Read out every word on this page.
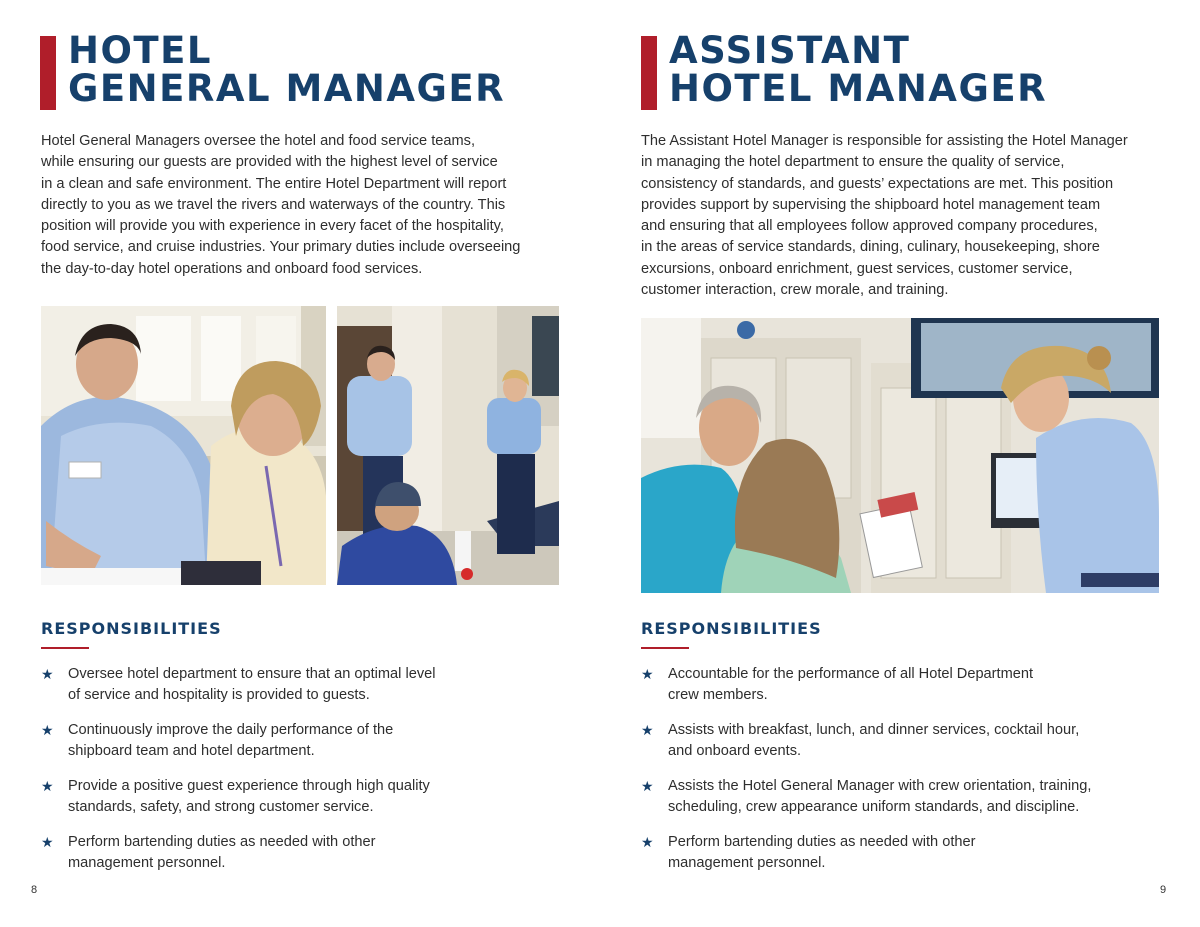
HOTEL
GENERAL MANAGER

Hotel General Managers oversee the hotel and food service teams,
while ensuring our guests are provided with the highest level of service
in a clean and safe environment. The entire Hotel Department will report
directly to you as we travel the rivers and waterways of the country. This
position will provide you with experience in every facet of the hospitality,
food service, and cruise industries. Your primary duties include overseeing
the day-to-day hotel operations and onboard food services.

RESPONSIBILITIES
★ Oversee hotel department to ensure that an optimal level
of service and hospitality is provided to guests.
★ Continuously improve the daily performance of the
shipboard team and hotel department.
★ Provide a positive guest experience through high quality
standards, safety, and strong customer service.
★ Perform bartending duties as needed with other
management personnel.
8
ASSISTANT
HOTEL MANAGER

The Assistant Hotel Manager is responsible for assisting the Hotel Manager
in managing the hotel department to ensure the quality of service,
consistency of standards, and guests’ expectations are met. This position
provides support by supervising the shipboard hotel management team
and ensuring that all employees follow approved company procedures,
in the areas of service standards, dining, culinary, housekeeping, shore
excursions, onboard enrichment, guest services, customer service,
customer interaction, crew morale, and training.

RESPONSIBILITIES
★ Accountable for the performance of all Hotel Department
crew members.
★ Assists with breakfast, lunch, and dinner services, cocktail hour,
and onboard events.
★ Assists the Hotel General Manager with crew orientation, training,
scheduling, crew appearance uniform standards, and discipline.
★ Perform bartending duties as needed with other
management personnel.
9
